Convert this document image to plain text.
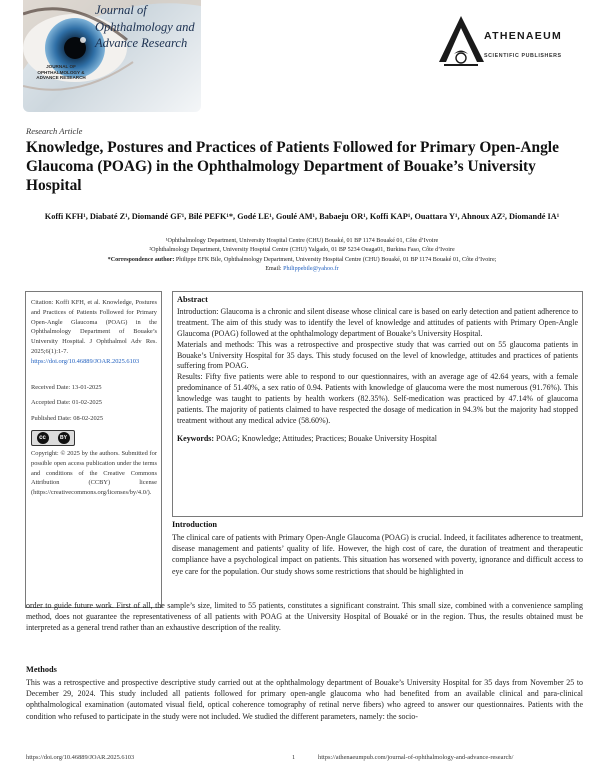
JOURNAL OF OPHTHALMOLOGY & ADVANCE RESEARCH
Journal of Ophthalmology and Advance Research	ATHENAEUM
SCIENTIFIC PUBLISHERS
Research Article
Knowledge, Postures and Practices of Patients Followed for Primary Open-Angle Glaucoma (POAG) in the Ophthalmology Department of Bouake’s University Hospital
Koffi KFH¹, Diabaté Z¹, Diomandé GF¹, Bilé PEFK¹*, Godé LE¹, Goulé AM¹, Babaeju OR¹, Koffi KAP¹, Ouattara Y¹, Ahnoux AZ², Diomandé IA¹
¹Ophthalmology Department, University Hospital Centre (CHU) Bouaké, 01 BP 1174 Bouaké 01, Côte d’Ivoire
²Ophthalmology Department, University Hospital Centre (CHU) Yalgado, 01 BP 5234 Ouaga01, Burkina Faso, Côte d’Ivoire
*Correspondence author: Philippe EFK Bile, Ophthalmology Department, University Hospital Centre (CHU) Bouaké, 01 BP 1174 Bouaké 01, Côte d’Ivoire;
Email: Philippebile@yahoo.fr
Citation: Koffi KFH, et al. Knowledge, Postures and Practices of Patients Followed for Primary Open-Angle Glaucoma (POAG) in the Ophthalmology Department of Bouake’s University Hospital. J Ophthalmol Adv Res. 2025;6(1):1-7. https://doi.org/10.46889/JOAR.2025.6103
Received Date: 13-01-2025
Accepted Date: 01-02-2025
Published Date: 08-02-2025
cc	BY
Copyright: © 2025 by the authors. Submitted for possible open access publication under the terms and conditions of the Creative Commons Attribution (CCBY) license (https://creativecommons.org/licenses/by/4.0/).
Abstract
Introduction: Glaucoma is a chronic and silent disease whose clinical care is based on early detection and patient adherence to treatment. The aim of this study was to identify the level of knowledge and attitudes of patients with Primary Open-Angle Glaucoma (POAG) followed at the ophthalmology department of Bouake’s University Hospital.
Materials and methods: This was a retrospective and prospective study that was carried out on 55 glaucoma patients in Bouake’s University Hospital for 35 days. This study focused on the level of knowledge, attitudes and practices of patients suffering from POAG.
Results: Fifty five patients were able to respond to our questionnaires, with an average age of 42.64 years, with a female predominance of 51.40%, a sex ratio of 0.94. Patients with knowledge of glaucoma were the most numerous (91.76%). This knowledge was taught to patients by health workers (82.35%). Self-medication was practiced by 47.14% of glaucoma patients. The majority of patients claimed to have respected the dosage of medication in 94.3% but the majority had stopped treatment without any medical advice (58.60%).
Keywords: POAG; Knowledge; Attitudes; Practices; Bouake University Hospital
Introduction

The clinical care of patients with Primary Open-Angle Glaucoma (POAG) is crucial. Indeed, it facilitates adherence to treatment, disease management and patients’ quality of life. However, the high cost of care, the duration of treatment and therapeutic compliance have a psychological impact on patients. This situation has worsened with poverty, ignorance and difficult access to eye care for the population. Our study shows some restrictions that should be highlighted in

order to guide future work. First of all, the sample’s size, limited to 55 patients, constitutes a significant constraint. This small size, combined with a convenience sampling method, does not guarantee the representativeness of all patients with POAG at the University Hospital of Bouaké or in the region. Thus, the results obtained must be interpreted as a general trend rather than an exhaustive description of the reality.

Methods

This was a retrospective and prospective descriptive study carried out at the ophthalmology department of Bouake’s University Hospital for 35 days from November 25 to December 29, 2024. This study included all patients followed for primary open-angle glaucoma who had benefited from an available clinical and para-clinical ophthalmological examination (automated visual field, optical coherence tomography of retinal nerve fibers) who agreed to answer our questionnaires. Patients with the condition who refused to participate in the study were not included. We studied the different parameters, namely: the socio-

https://doi.org/10.46889/JOAR.2025.6103	1	https://athenaeumpub.com/journal-of-ophthalmology-and-advance-research/
